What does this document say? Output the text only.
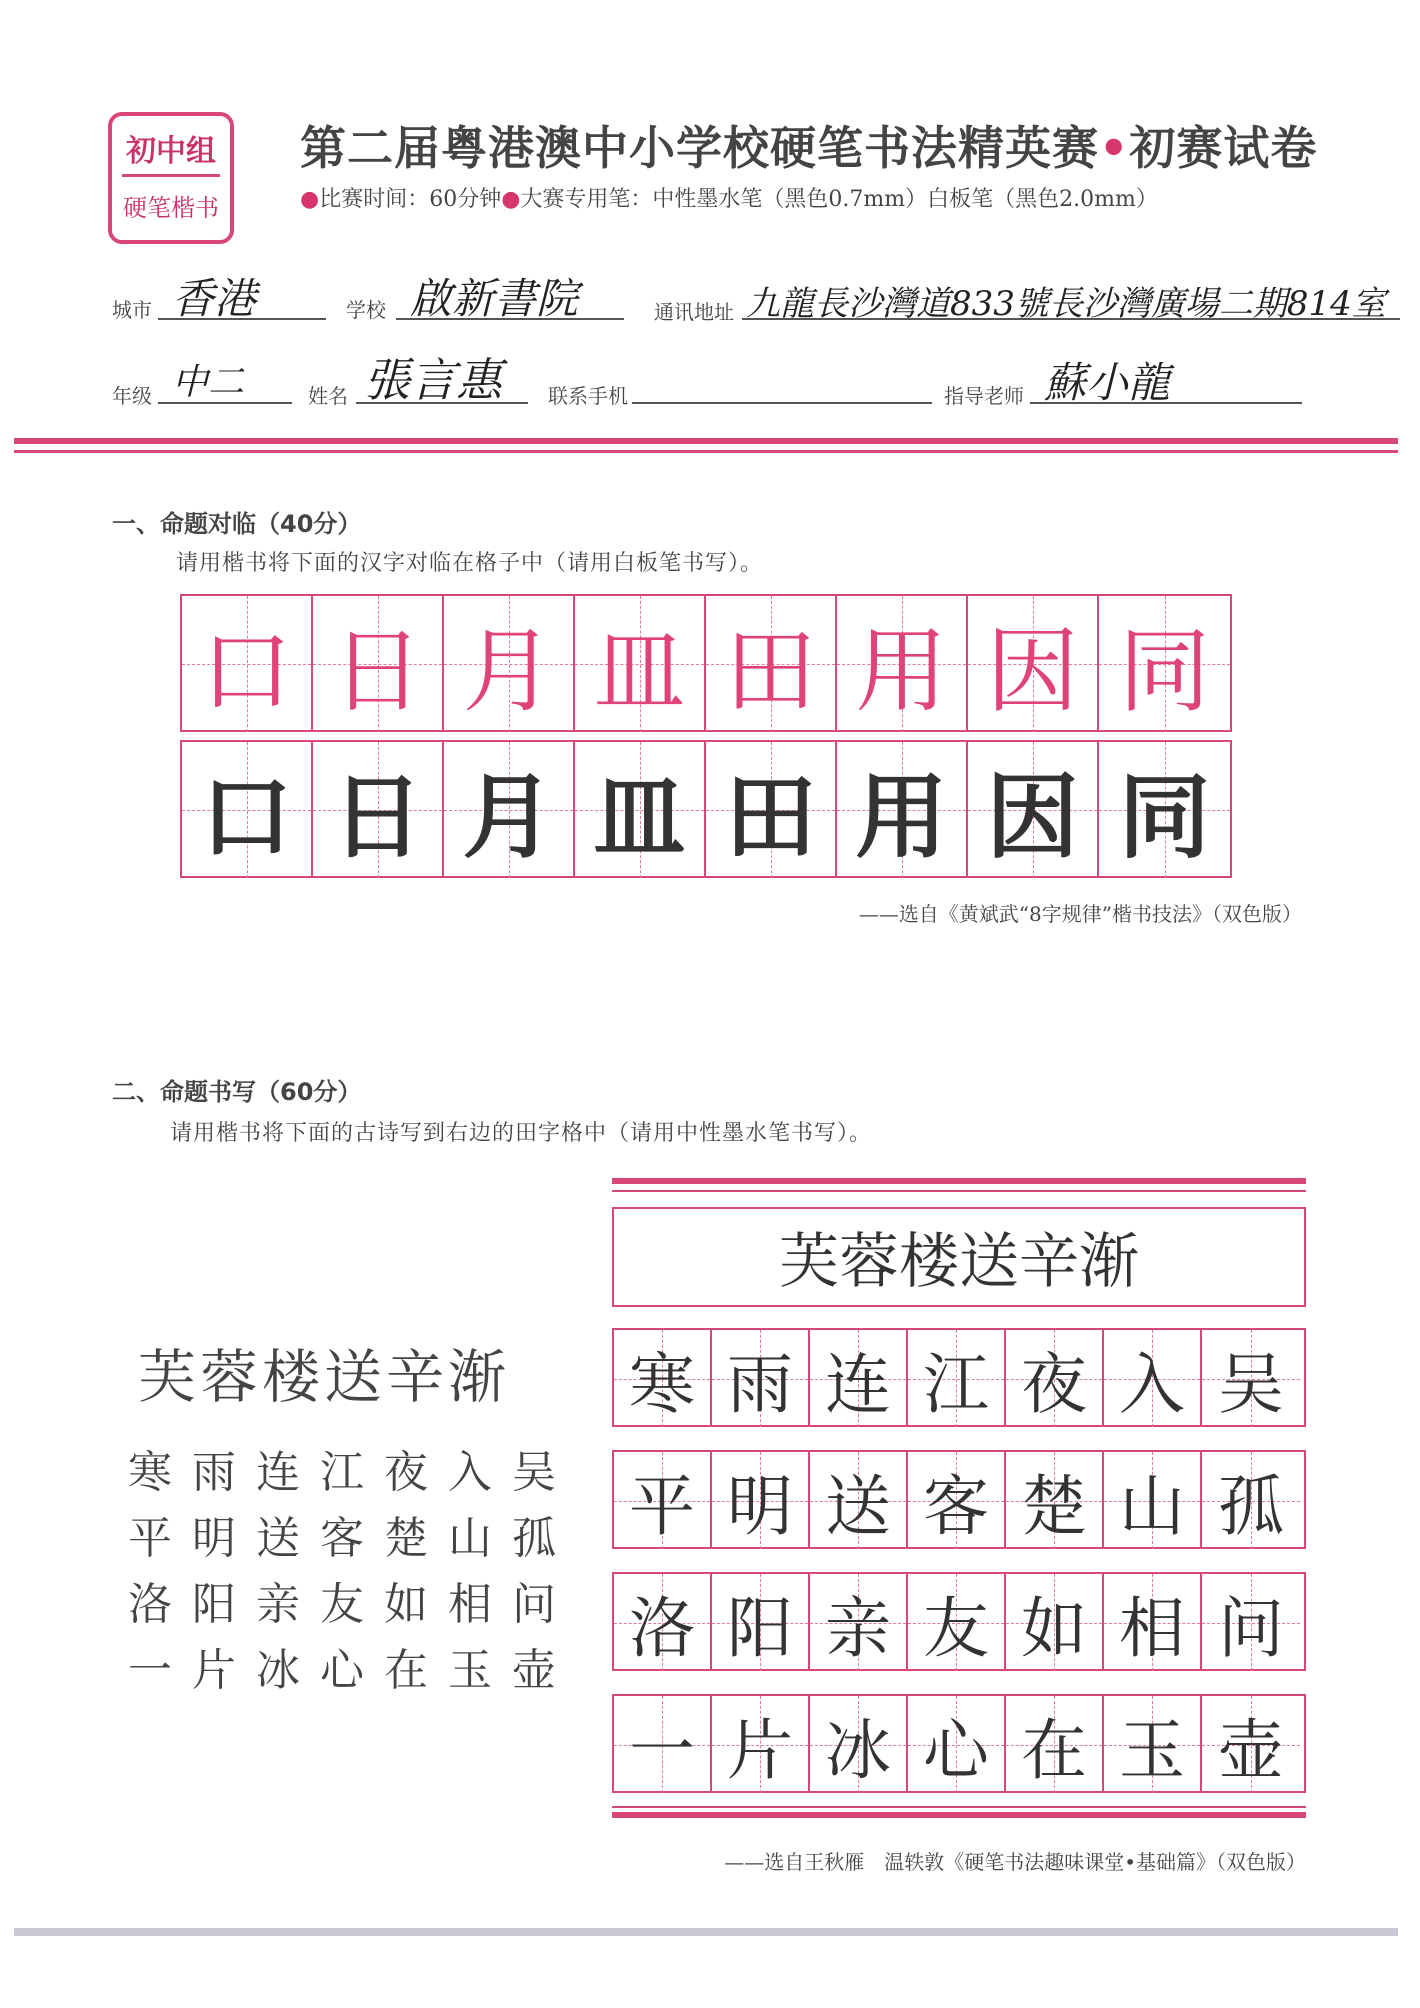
初中组
硬笔楷书
第二届粤港澳中小学校硬笔书法精英赛•初赛试卷
●比赛时间：60分钟●大赛专用笔：中性墨水笔（黑色0.7mm）白板笔（黑色2.0mm）
城市 香港	学校 啟新書院	通讯地址 九龍長沙灣道833號長沙灣廣場二期814室
年级 中二	姓名 張言惠 联系手机	指导老师 蘇小龍
一、命题对临（40分）
请用楷书将下面的汉字对临在格子中（请用白板笔书写）。
口 日 月 皿 田 用 因 同
口 日 月 皿 田 用 因 同
——选自《黄斌武“8字规律”楷书技法》（双色版）
二、命题书写（60分）
请用楷书将下面的古诗写到右边的田字格中（请用中性墨水笔书写）。
芙蓉楼送辛渐
寒 雨 连 江 夜 入 吴
平 明 送 客 楚 山 孤
洛 阳 亲 友 如 相 问
一 片 冰 心 在 玉 壶
芙蓉楼送辛渐
寒雨连江夜入吴
平明送客楚山孤
洛阳亲友如相问
一片冰心在玉壶
——选自王秋雁　温轶敦《硬笔书法趣味课堂•基础篇》（双色版）
